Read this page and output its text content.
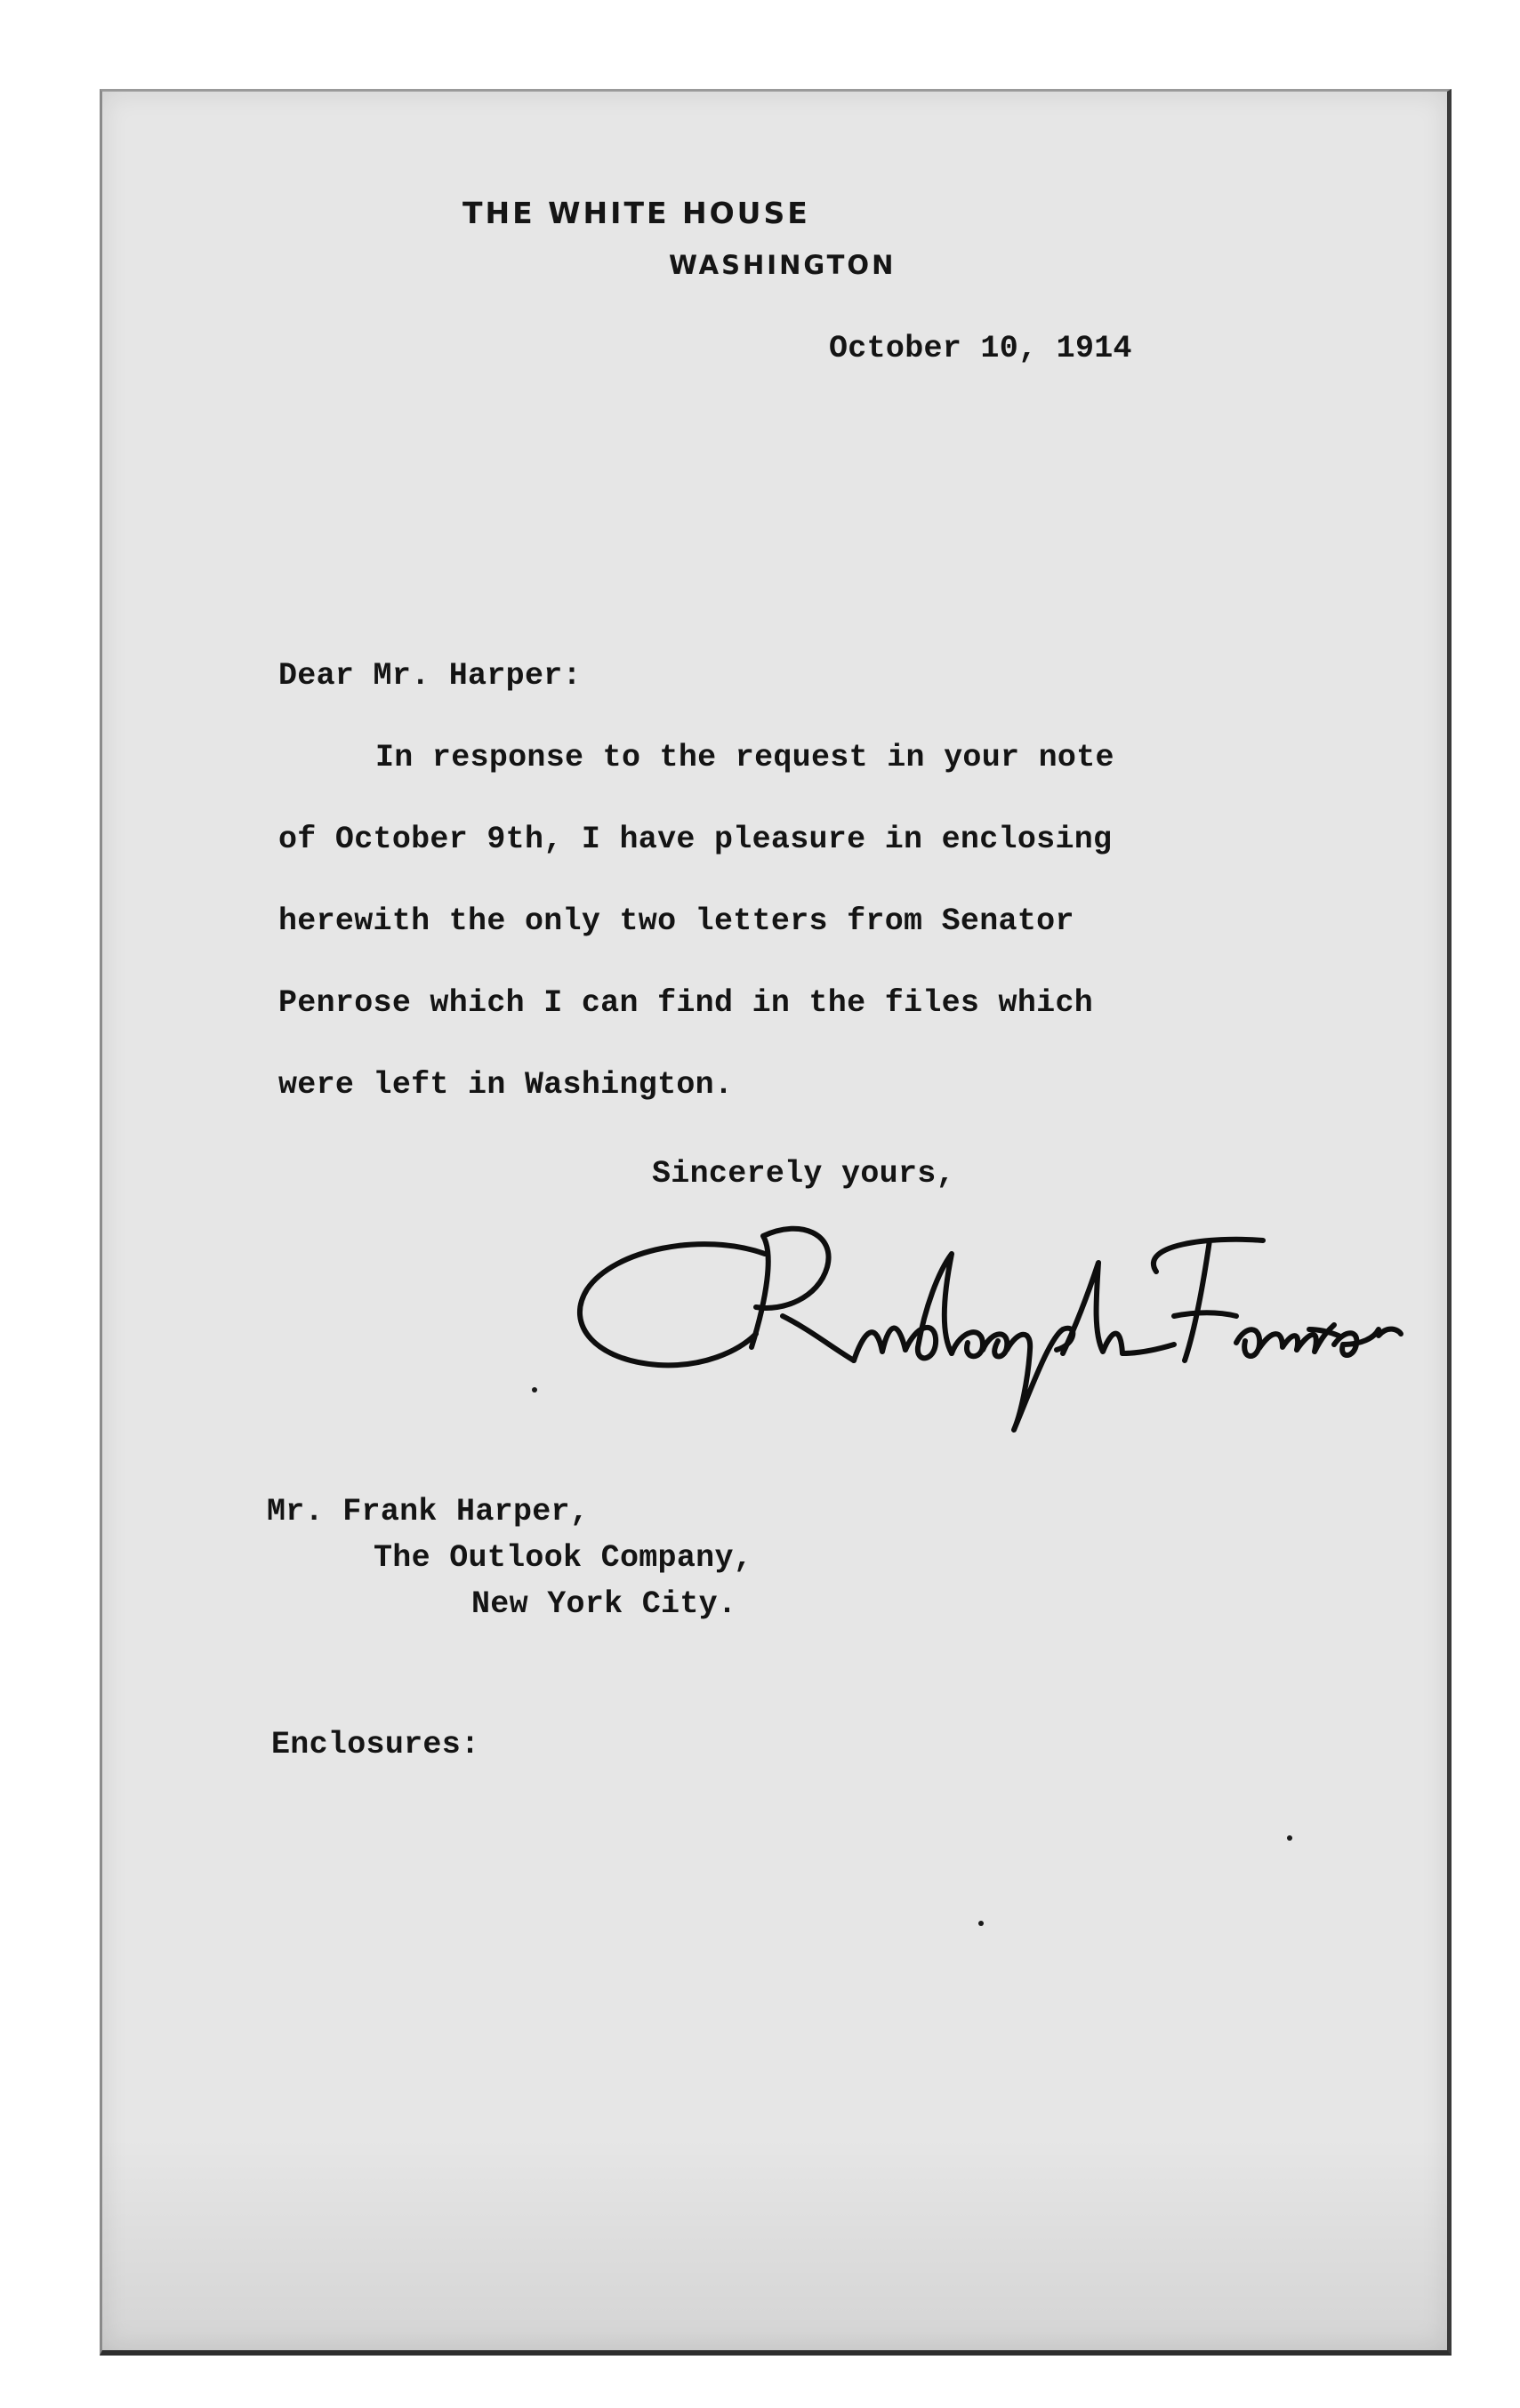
THE WHITE HOUSE
WASHINGTON
October 10, 1914
Dear Mr. Harper:
In response to the request in your note
of October 9th, I have pleasure in enclosing
herewith the only two letters from Senator
Penrose which I can find in the files which
were left in Washington.
Sincerely yours,
Mr. Frank Harper,
The Outlook Company,
New York City.
Enclosures:
